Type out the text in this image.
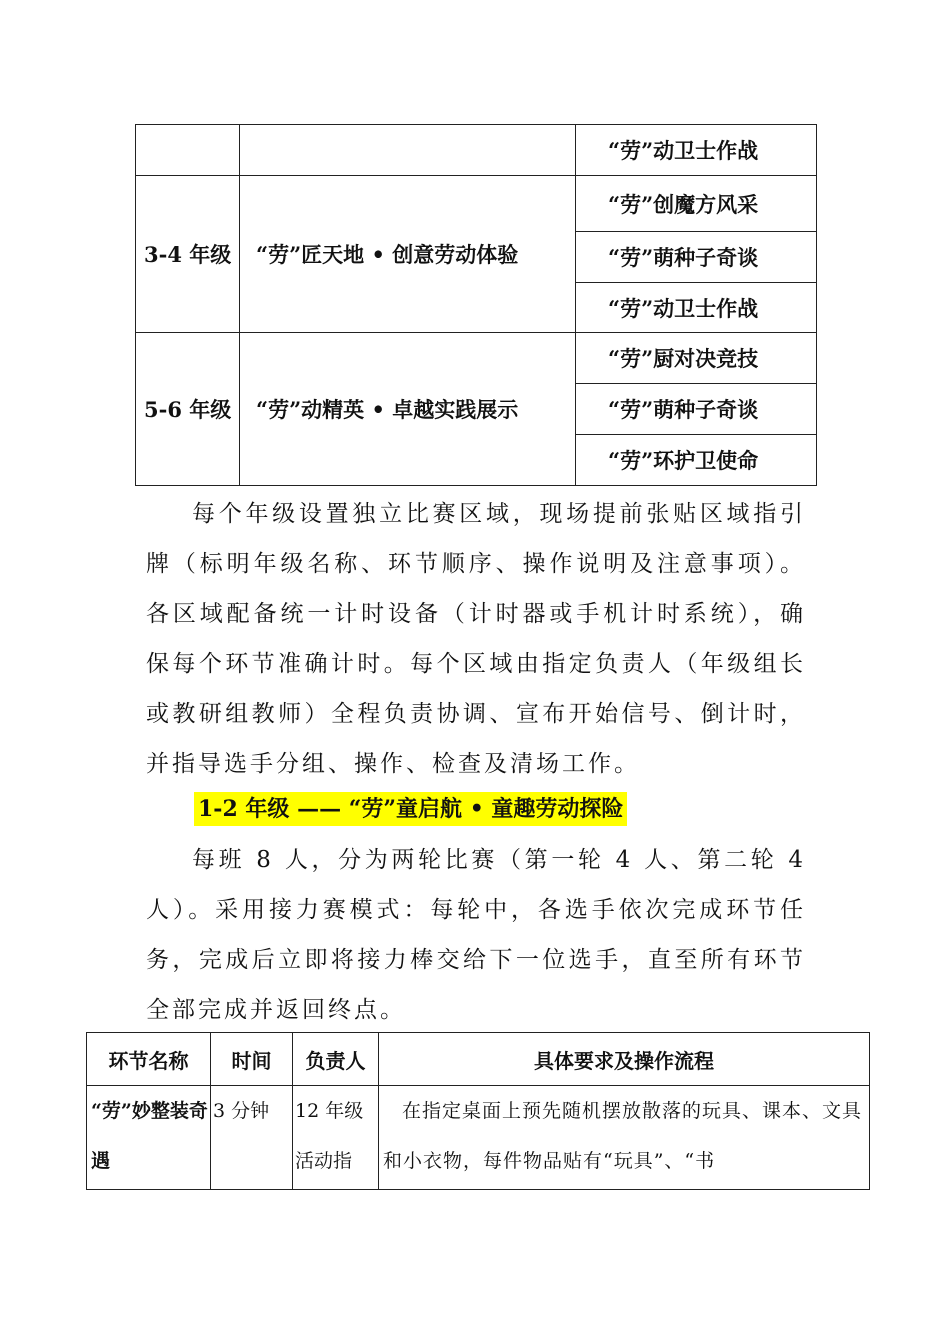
		“劳”动卫士作战
3-4 年级	“劳”匠天地 • 创意劳动体验	“劳”创魔方风采
		“劳”萌种子奇谈
		“劳”动卫士作战
5-6 年级	“劳”动精英 • 卓越实践展示	“劳”厨对决竞技
		“劳”萌种子奇谈
		“劳”环护卫使命

每个年级设置独立比赛区域，现场提前张贴区域指引牌（标明年级名称、环节顺序、操作说明及注意事项）。各区域配备统一计时设备（计时器或手机计时系统），确保每个环节准确计时。每个区域由指定负责人（年级组长或教研组教师）全程负责协调、宣布开始信号、倒计时，并指导选手分组、操作、检查及清场工作。

1-2 年级 —— “劳”童启航 • 童趣劳动探险

每班 8 人，分为两轮比赛（第一轮 4 人、第二轮 4 人）。采用接力赛模式：每轮中，各选手依次完成环节任务，完成后立即将接力棒交给下一位选手，直至所有环节全部完成并返回终点。

环节名称	时间	负责人	具体要求及操作流程
“劳”妙整装奇遇	3 分钟	12 年级活动指	在指定桌面上预先随机摆放散落的玩具、课本、文具和小衣物，每件物品贴有“玩具”、“书
